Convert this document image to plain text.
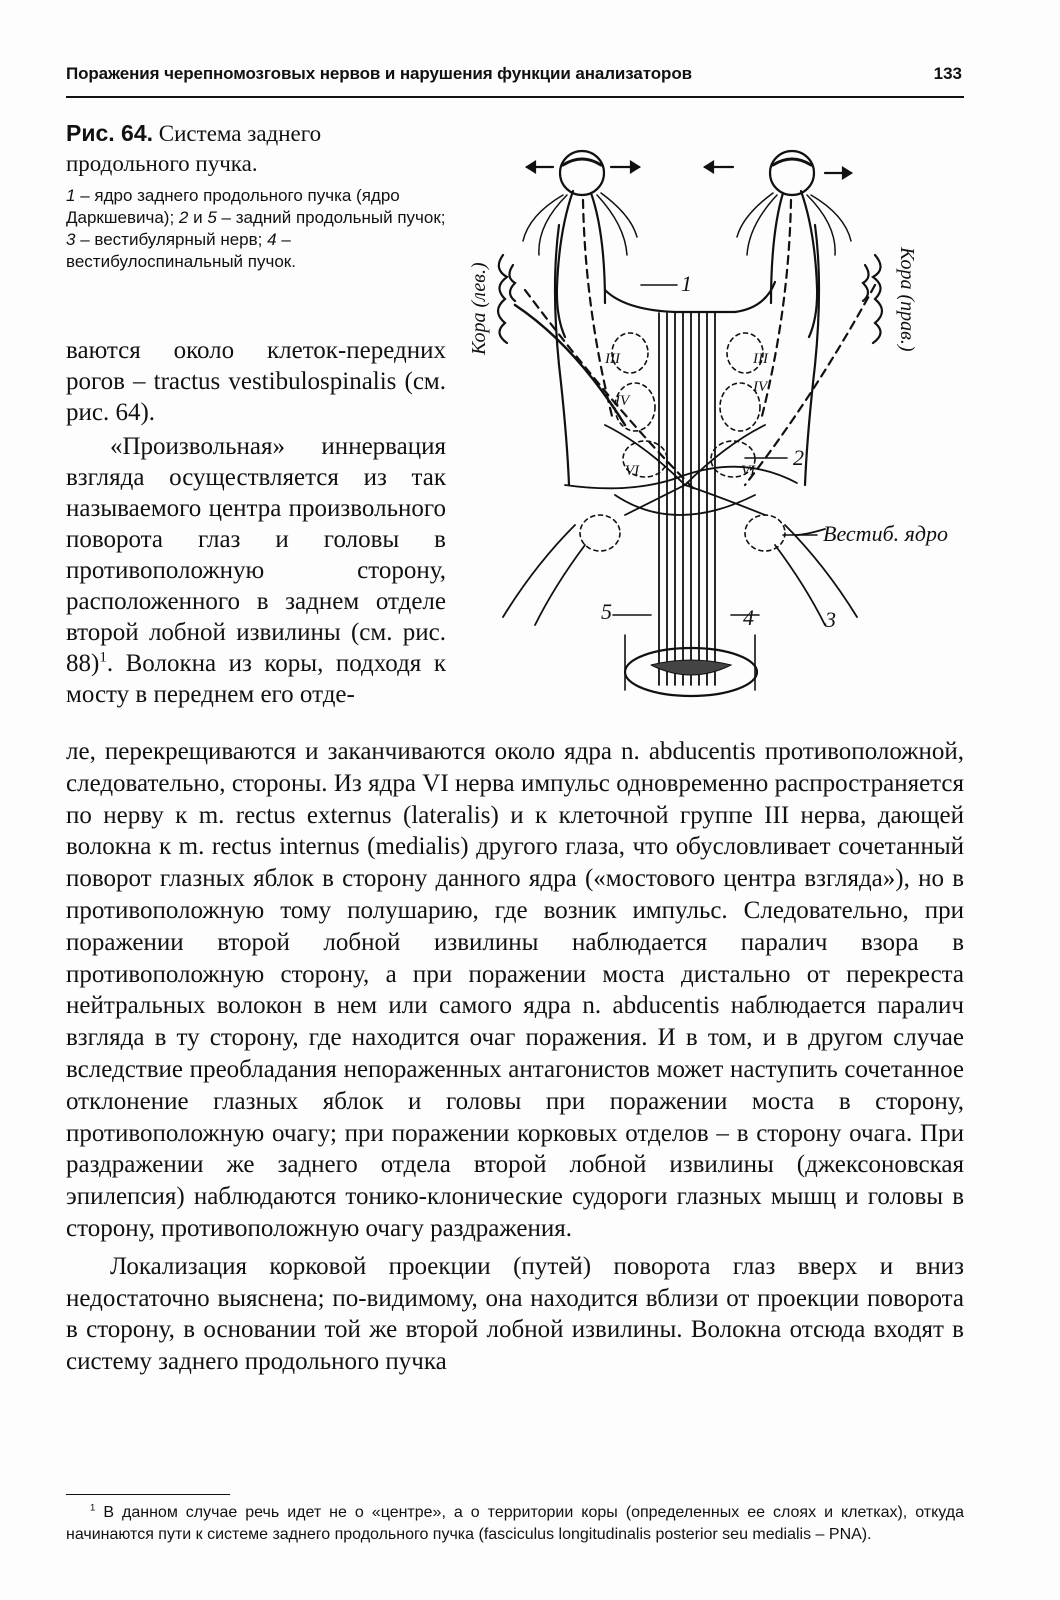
Поражения черепномозговых нервов и нарушения функции анализаторов	133
Рис. 64. Система заднего продольного пучка.
1 – ядро заднего продольного пучка (ядро Даркшевича); 2 и 5 – задний продольный пучок; 3 – вестибулярный нерв; 4 – вестибулоспинальный пучок.
1
2
Вестиб. ядро
3
4
5
III	III
IV
IV
VI	VI
Кора (лев.)	Кора (прав.)

ваются около клеток-передних рогов – tractus vestibulospinalis (см. рис. 64).

«Произвольная» иннервация взгляда осуществляется из так называемого центра произвольного поворота глаз и головы в противоположную сторону, расположенного в заднем отделе второй лобной извилины (см. рис. 88)$^1$. Волокна из коры, подходя к мосту в переднем его отде-

ле, перекрещиваются и заканчиваются около ядра n. abducentis противоположной, следовательно, стороны. Из ядра VI нерва импульс одновременно распространяется по нерву к m. rectus externus (lateralis) и к клеточной группе III нерва, дающей волокна к m. rectus internus (medialis) другого глаза, что обусловливает сочетанный поворот глазных яблок в сторону данного ядра («мостового центра взгляда»), но в противоположную тому полушарию, где возник импульс. Следовательно, при поражении второй лобной извилины наблюдается паралич взора в противоположную сторону, а при поражении моста дистально от перекреста нейтральных волокон в нем или самого ядра n. abducentis наблюдается паралич взгляда в ту сторону, где находится очаг поражения. И в том, и в другом случае вследствие преобладания непораженных антагонистов может наступить сочетанное отклонение глазных яблок и головы при поражении моста в сторону, противоположную очагу; при поражении корковых отделов – в сторону очага. При раздражении же заднего отдела второй лобной извилины (джексоновская эпилепсия) наблюдаются тонико-клонические судороги глазных мышц и головы в сторону, противоположную очагу раздражения.

Локализация корковой проекции (путей) поворота глаз вверх и вниз недостаточно выяснена; по-видимому, она находится вблизи от проекции поворота в сторону, в основании той же второй лобной извилины. Волокна отсюда входят в систему заднего продольного пучка

$^1$ В данном случае речь идет не о «центре», а о территории коры (определенных ее слоях и клетках), откуда начинаются пути к системе заднего продольного пучка (fasciculus longitudinalis posterior seu medialis – PNA).
